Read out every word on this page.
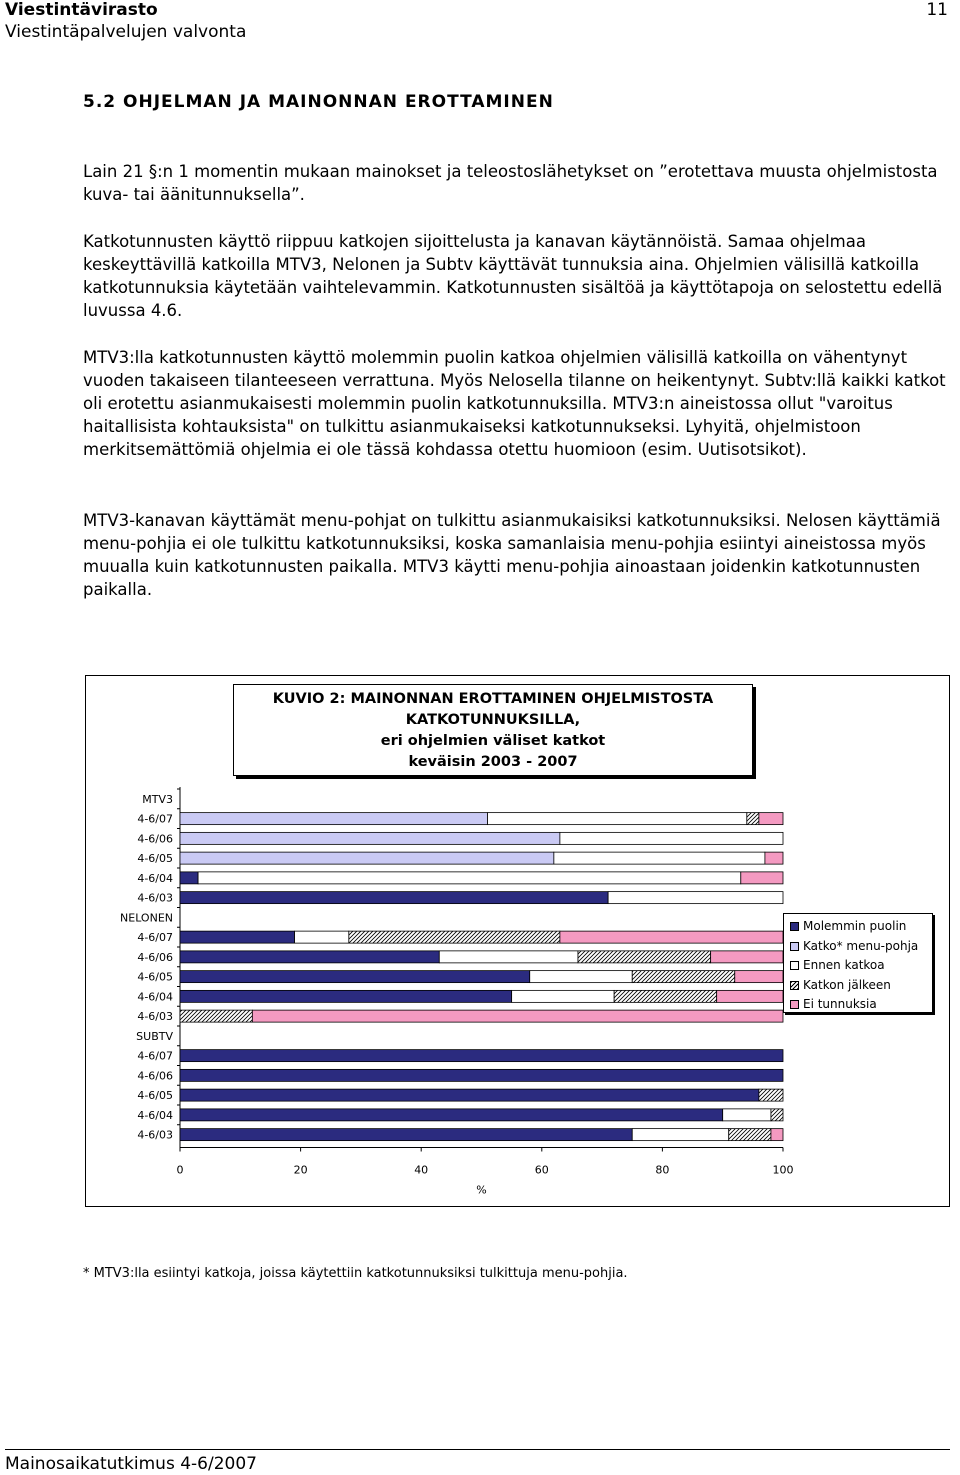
Viestintävirasto
Viestintäpalvelujen valvonta
11
5.2 OHJELMAN JA MAINONNAN EROTTAMINEN

Lain 21 §:n 1 momentin mukaan mainokset ja teleostoslähetykset on ”erotettava muusta ohjelmistosta kuva- tai äänitunnuksella”.

Katkotunnusten käyttö riippuu katkojen sijoittelusta ja kanavan käytännöistä. Samaa ohjelmaa keskeyttävillä katkoilla MTV3, Nelonen ja Subtv käyttävät tunnuksia aina. Ohjelmien välisillä katkoilla katkotunnuksia käytetään vaihtelevammin. Katkotunnusten sisältöä ja käyttötapoja on selostettu edellä luvussa 4.6.

MTV3:lla katkotunnusten käyttö molemmin puolin katkoa ohjelmien välisillä katkoilla on vähentynyt vuoden takaiseen tilanteeseen verrattuna. Myös Nelosella tilanne on heikentynyt. Subtv:llä kaikki katkot oli erotettu asianmukaisesti molemmin puolin katkotunnuksilla. MTV3:n aineistossa ollut "varoitus haitallisista kohtauksista" on tulkittu asianmukaiseksi katkotunnukseksi. Lyhyitä, ohjelmistoon merkitsemättömiä ohjelmia ei ole tässä kohdassa otettu huomioon (esim. Uutisotsikot).

MTV3-kanavan käyttämät menu-pohjat on tulkittu asianmukaisiksi katkotunnuksiksi. Nelosen käyttämiä menu-pohjia ei ole tulkittu katkotunnuksiksi, koska samanlaisia menu-pohjia esiintyi aineistossa myös muualla kuin katkotunnusten paikalla. MTV3 käytti menu-pohjia ainoastaan joidenkin katkotunnusten paikalla.

0	20	40	60	80	100
%
MTV3
4-6/07
4-6/06
4-6/05
4-6/04
4-6/03
NELONEN
4-6/07
4-6/06
4-6/05
4-6/04
4-6/03
SUBTV
4-6/07
4-6/06
4-6/05
4-6/04
4-6/03
KUVIO 2: MAINONNAN EROTTAMINEN OHJELMISTOSTA
KATKOTUNNUKSILLA,
eri ohjelmien väliset katkot
keväisin 2003 - 2007
Molemmin puolin
Katko* menu-pohja
Ennen katkoa
Katkon jälkeen
Ei tunnuksia
* MTV3:lla esiintyi katkoja, joissa käytettiin katkotunnuksiksi tulkittuja menu-pohjia.
Mainosaikatutkimus 4-6/2007
